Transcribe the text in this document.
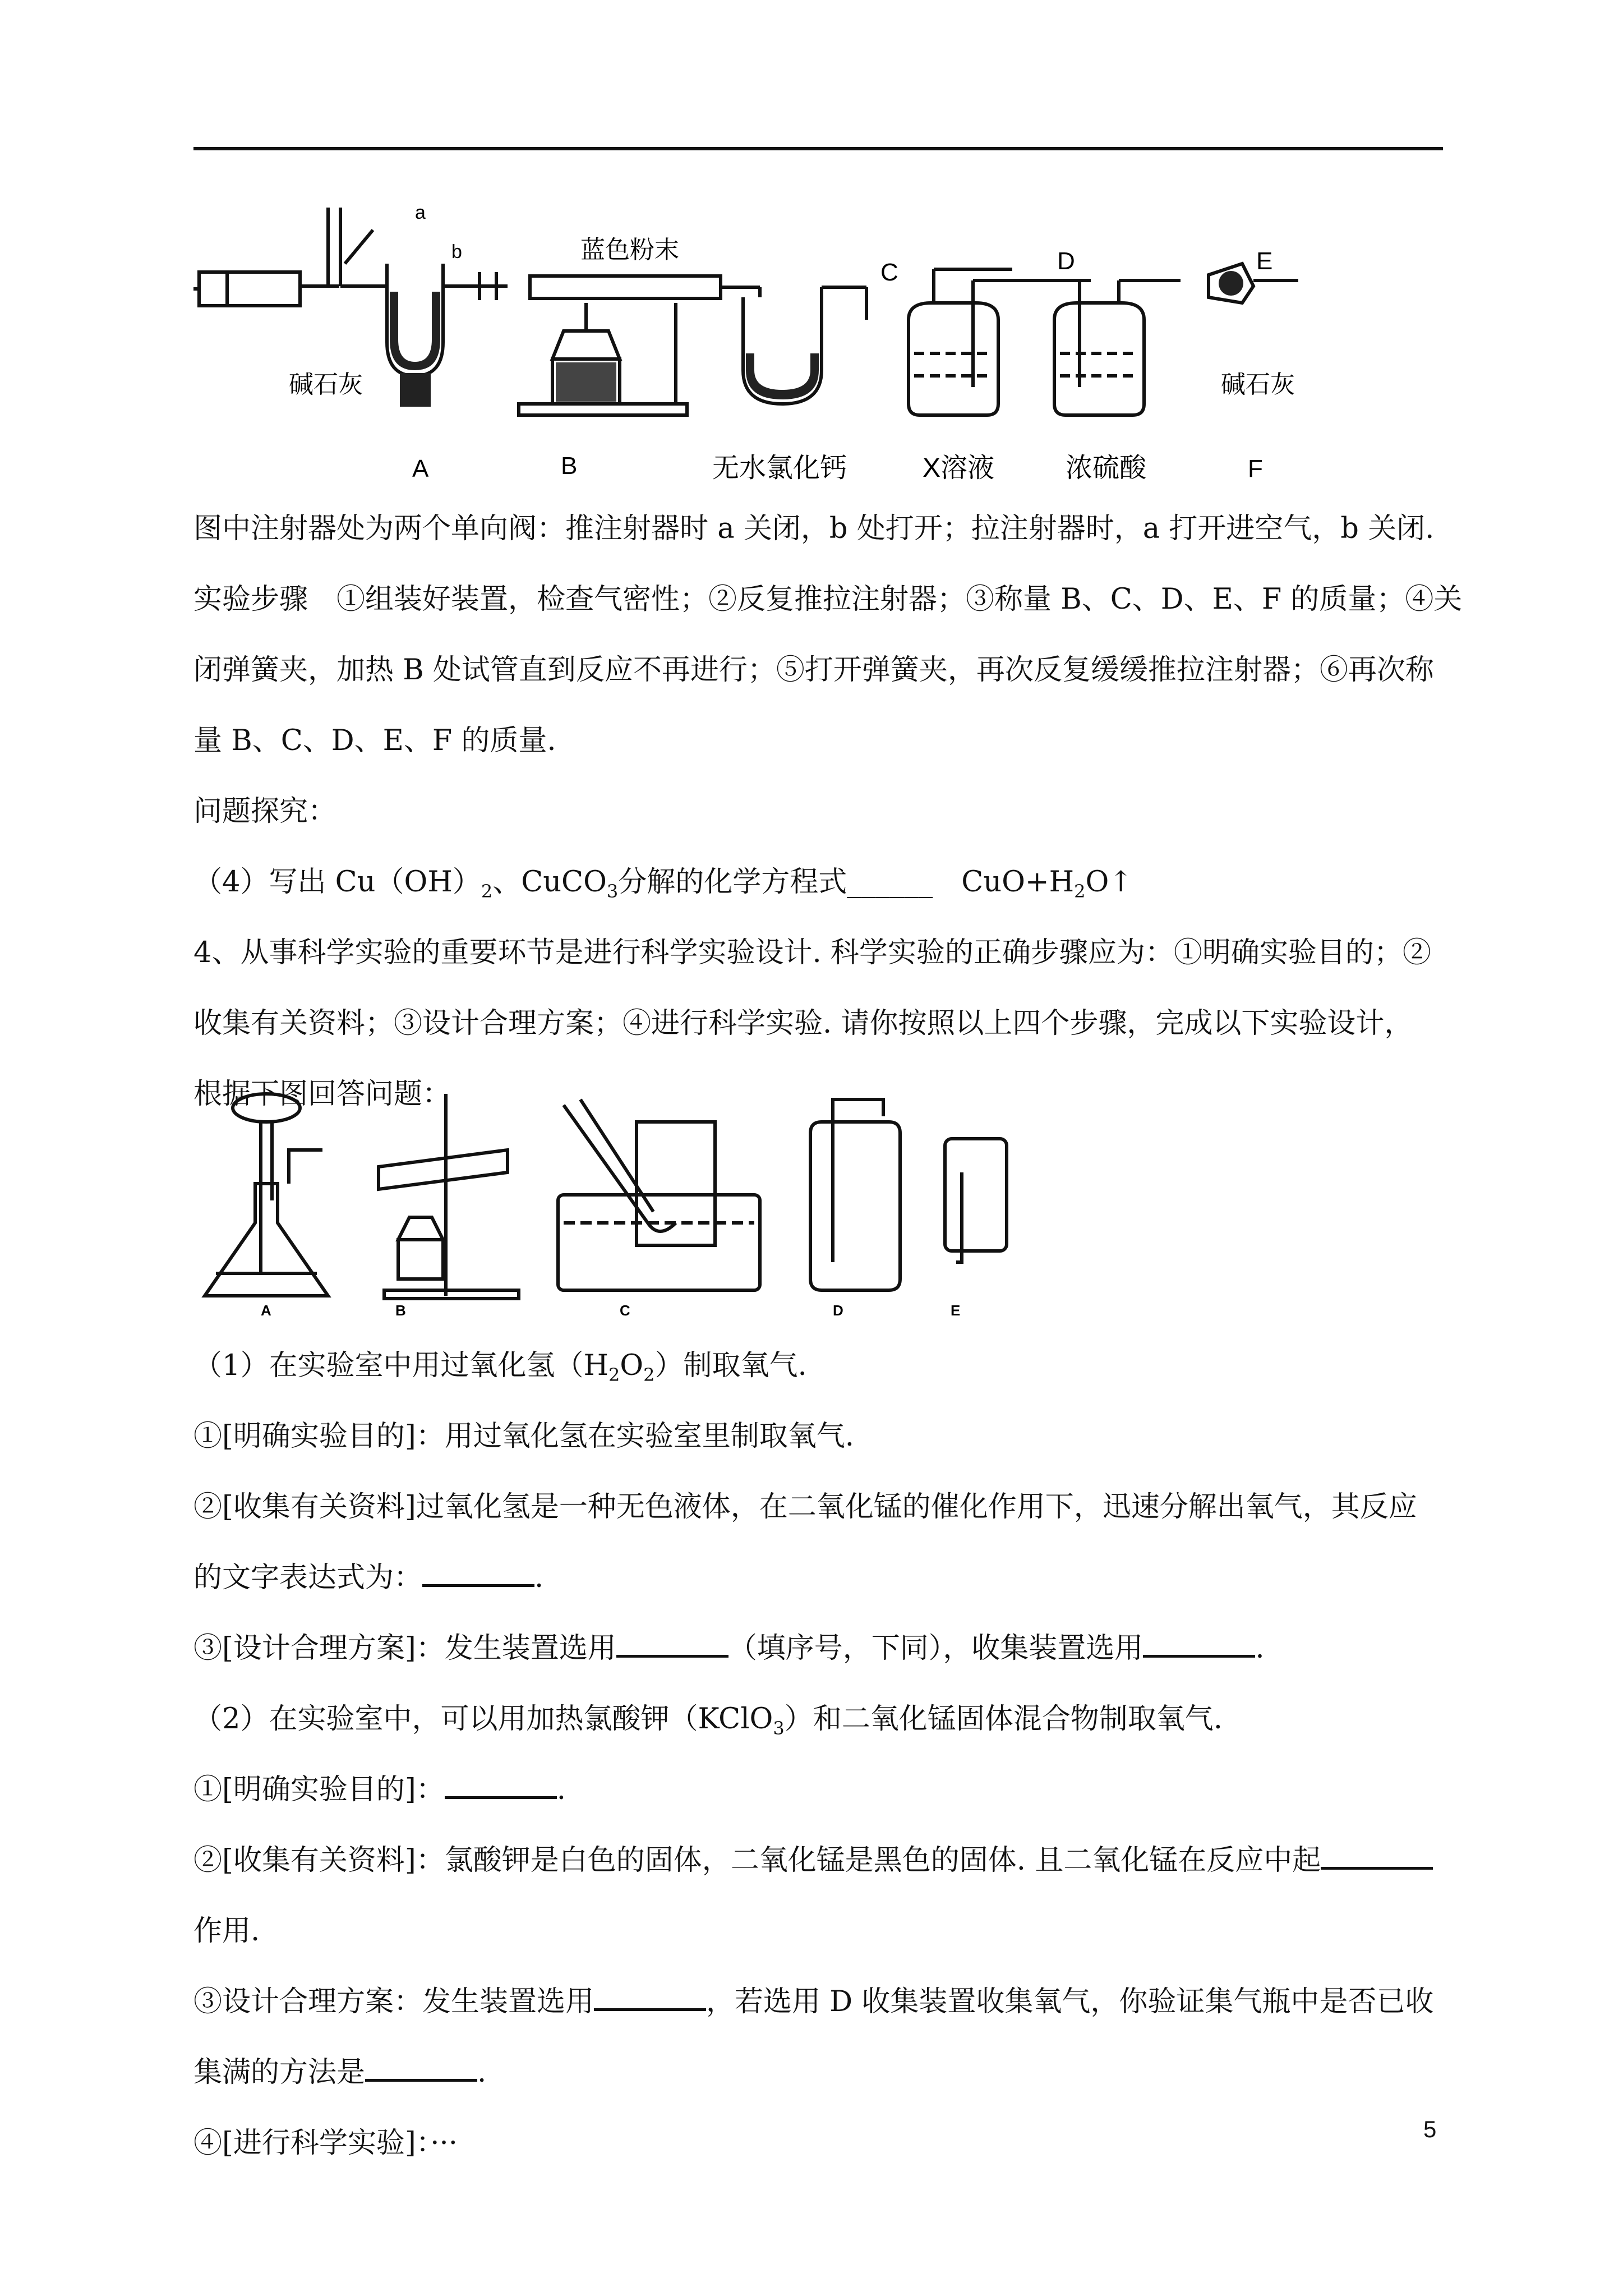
a
b	蓝色粉末
碱石灰
C	D	E
碱石灰
A	B	无水氯化钙	X溶液	浓硫酸	F
图中注射器处为两个单向阀：推注射器时 a 关闭，b 处打开；拉注射器时，a 打开进空气，b 关闭.
实验步骤　①组装好装置，检查气密性；②反复推拉注射器；③称量 B、C、D、E、F 的质量；④关
闭弹簧夹，加热 B 处试管直到反应不再进行；⑤打开弹簧夹，再次反复缓缓推拉注射器；⑥再次称
量 B、C、D、E、F 的质量.
问题探究：
（4）写出 $Cu(OH)_2$、CuCO$_3$分解的化学方程式______　$CuO+H_2O↑$
4、从事科学实验的重要环节是进行科学实验设计. 科学实验的正确步骤应为：①明确实验目的；②
收集有关资料；③设计合理方案；④进行科学实验. 请你按照以上四个步骤，完成以下实验设计，
根据下图回答问题：
A	B	C	D	E
（1）在实验室中用过氧化氢$(H_2O_2)$制取氧气.
①[明确实验目的]：用过氧化氢在实验室里制取氧气.
②[收集有关资料]过氧化氢是一种无色液体，在二氧化锰的催化作用下，迅速分解出氧气，其反应
的文字表达式为：	.
③[设计合理方案]：发生装置选用	（填序号，下同），收集装置选用	.
（2）在实验室中，可以用加热氯酸钾（KClO$_3$）和二氧化锰固体混合物制取氧气.
①[明确实验目的]：	.
②[收集有关资料]：氯酸钾是白色的固体，二氧化锰是黑色的固体. 且二氧化锰在反应中起
作用.
③设计合理方案：发生装置选用	，若选用 D 收集装置收集氧气，你验证集气瓶中是否已收
集满的方法是	.
④[进行科学实验]：···	5
